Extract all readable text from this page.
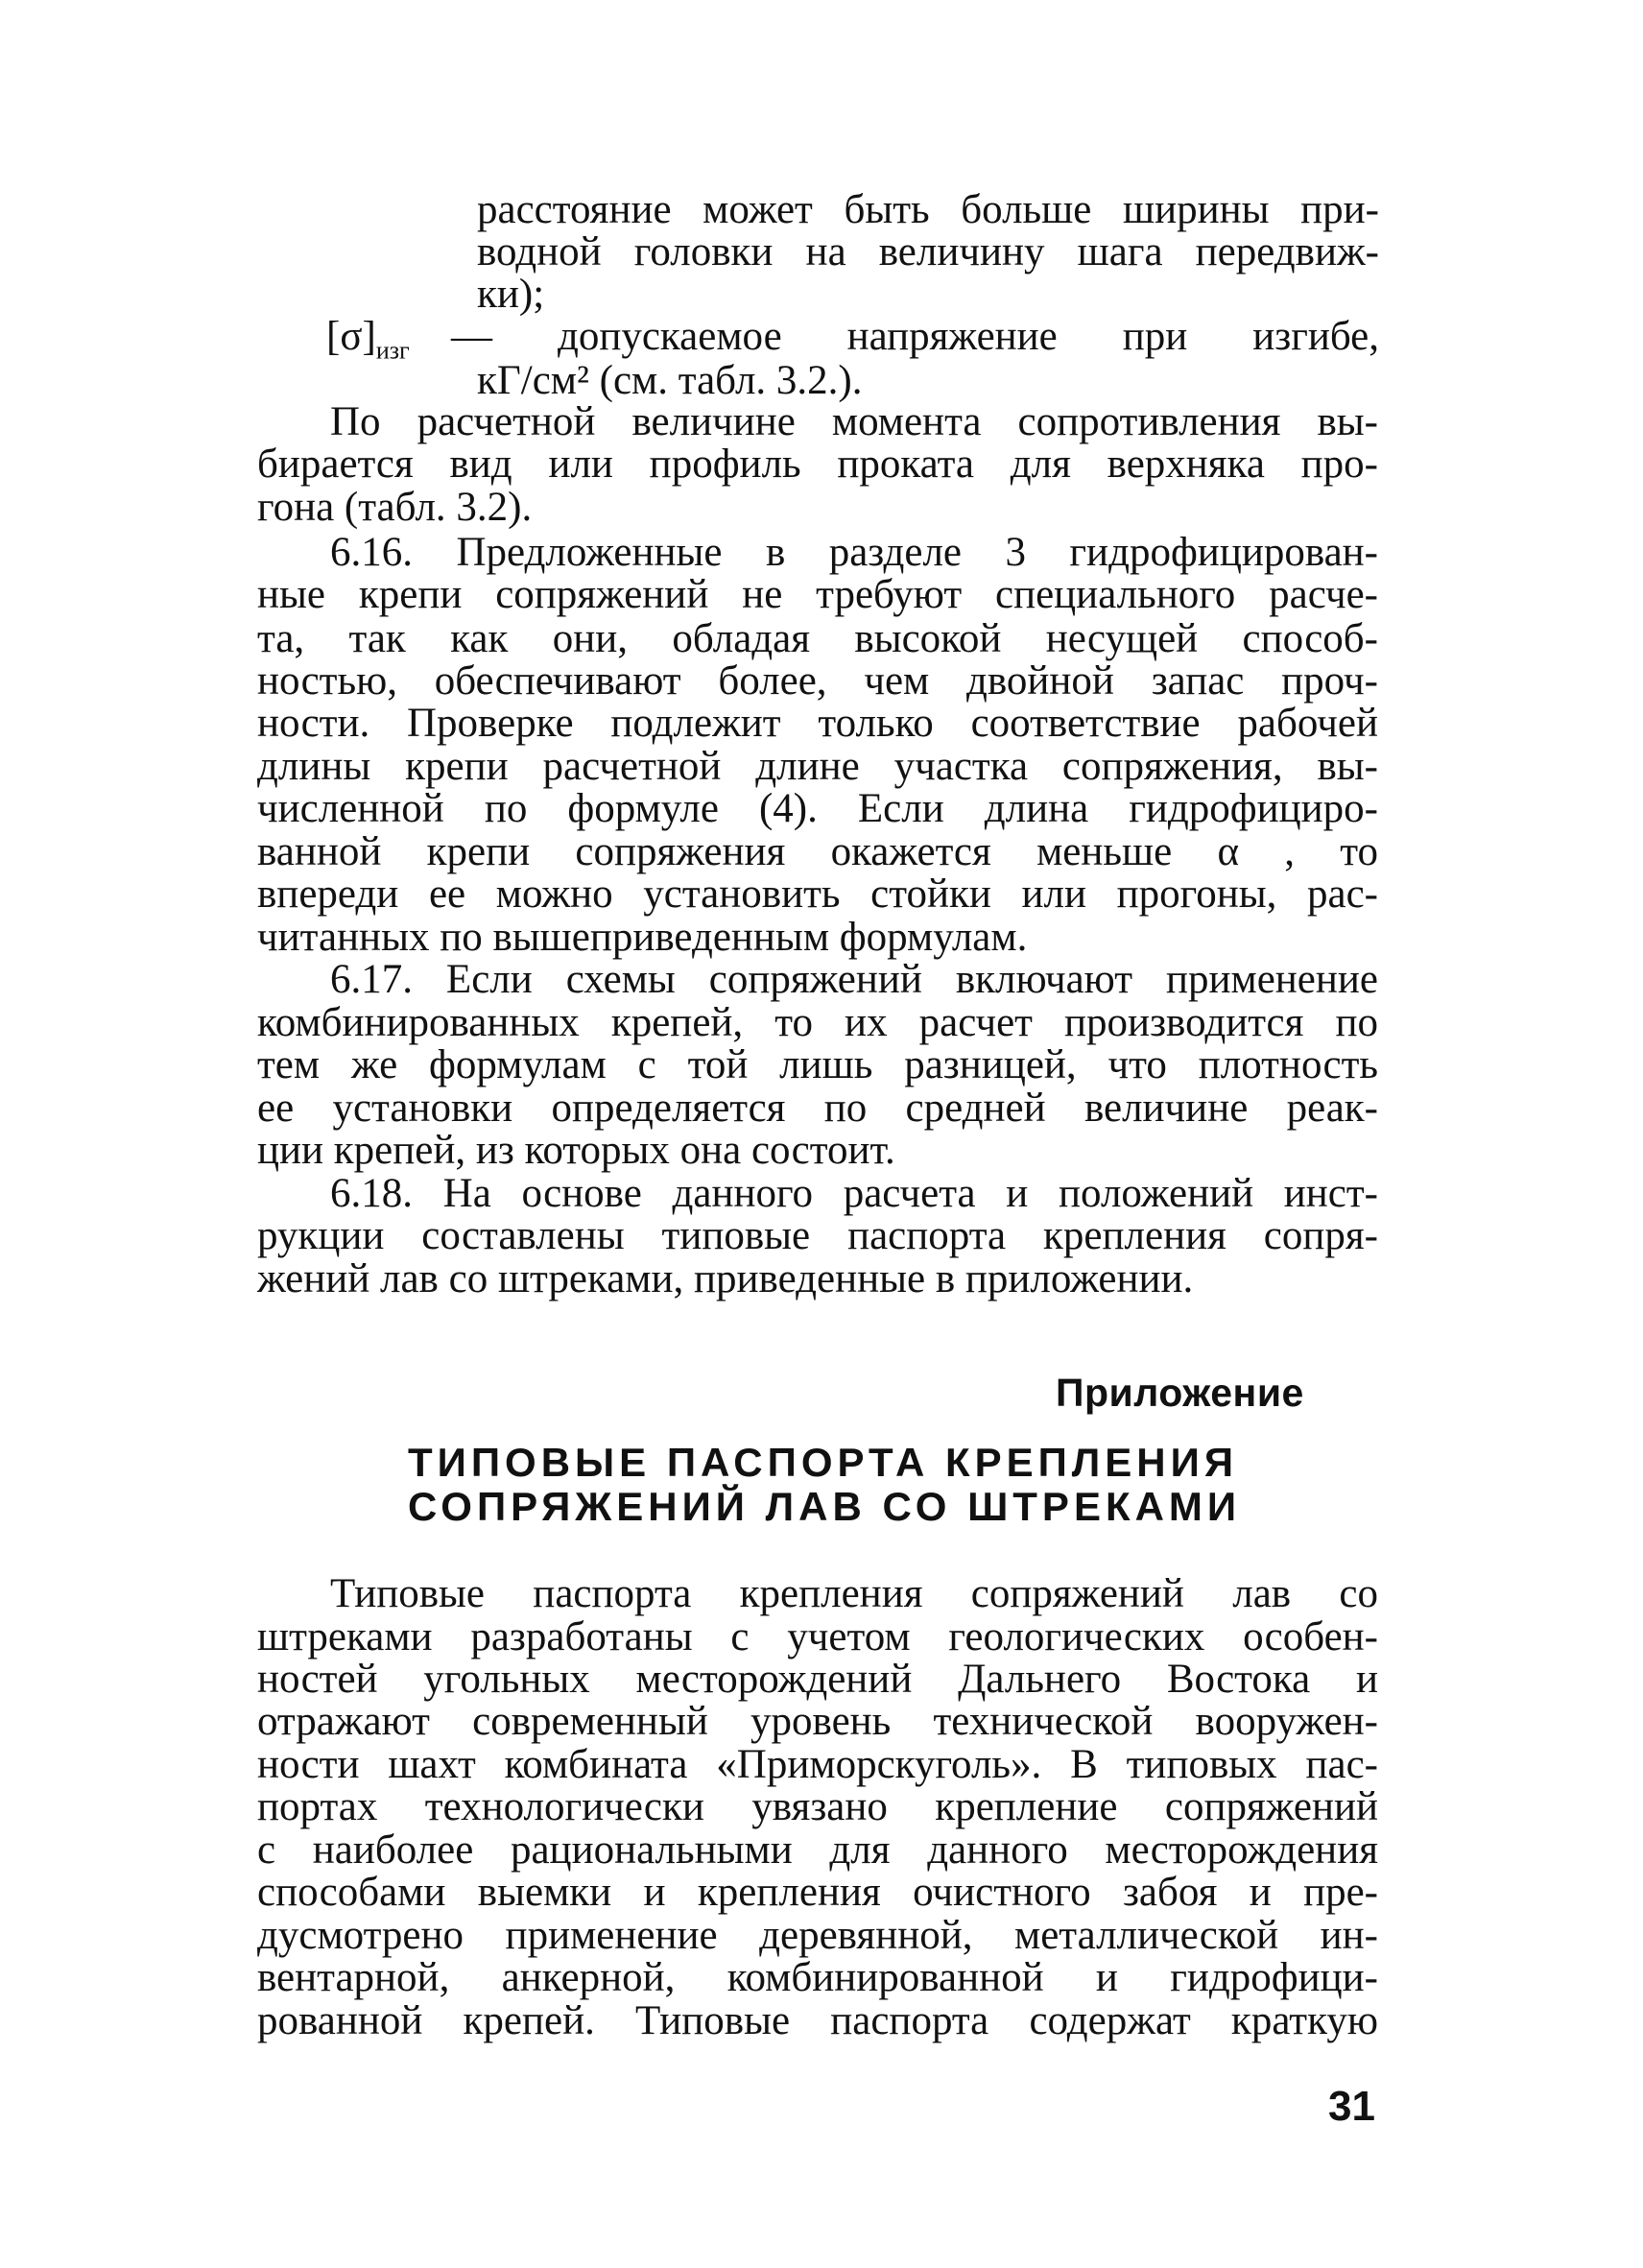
расстояние может быть больше ширины при-
водной головки на величину шага передвиж-
ки);
$[\sigma]_{изг}$ — допускаемое напряжение при изгибе,
кГ/см² (см. табл. 3.2.).
По расчетной величине момента сопротивления вы-
бирается вид или профиль проката для верхняка про-
гона (табл. 3.2).
6.16. Предложенные в разделе 3 гидрофицирован-
ные крепи сопряжений не требуют специального расче-
та, так как они, обладая высокой несущей способ-
ностью, обеспечивают более, чем двойной запас проч-
ности. Проверке подлежит только соответствие рабочей
длины крепи расчетной длине участка сопряжения, вы-
численной по формуле (4). Если длина гидрофициро-
ванной крепи сопряжения окажется меньше α , то
впереди ее можно установить стойки или прогоны, рас-
читанных по вышеприведенным формулам.
6.17. Если схемы сопряжений включают применение
комбинированных крепей, то их расчет производится по
тем же формулам с той лишь разницей, что плотность
ее установки определяется по средней величине реак-
ции крепей, из которых она состоит.
6.18. На основе данного расчета и положений инст-
рукции составлены типовые паспорта крепления сопря-
жений лав со штреками, приведенные в приложении.
Приложение
ТИПОВЫЕ ПАСПОРТА КРЕПЛЕНИЯ
СОПРЯЖЕНИЙ ЛАВ СО ШТРЕКАМИ
Типовые паспорта крепления сопряжений лав со
штреками разработаны с учетом геологических особен-
ностей угольных месторождений Дальнего Востока и
отражают современный уровень технической вооружен-
ности шахт комбината «Приморскуголь». В типовых пас-
портах технологически увязано крепление сопряжений
с наиболее рациональными для данного месторождения
способами выемки и крепления очистного забоя и пре-
дусмотрено применение деревянной, металлической ин-
вентарной, анкерной, комбинированной и гидрофици-
рованной крепей. Типовые паспорта содержат краткую
31
